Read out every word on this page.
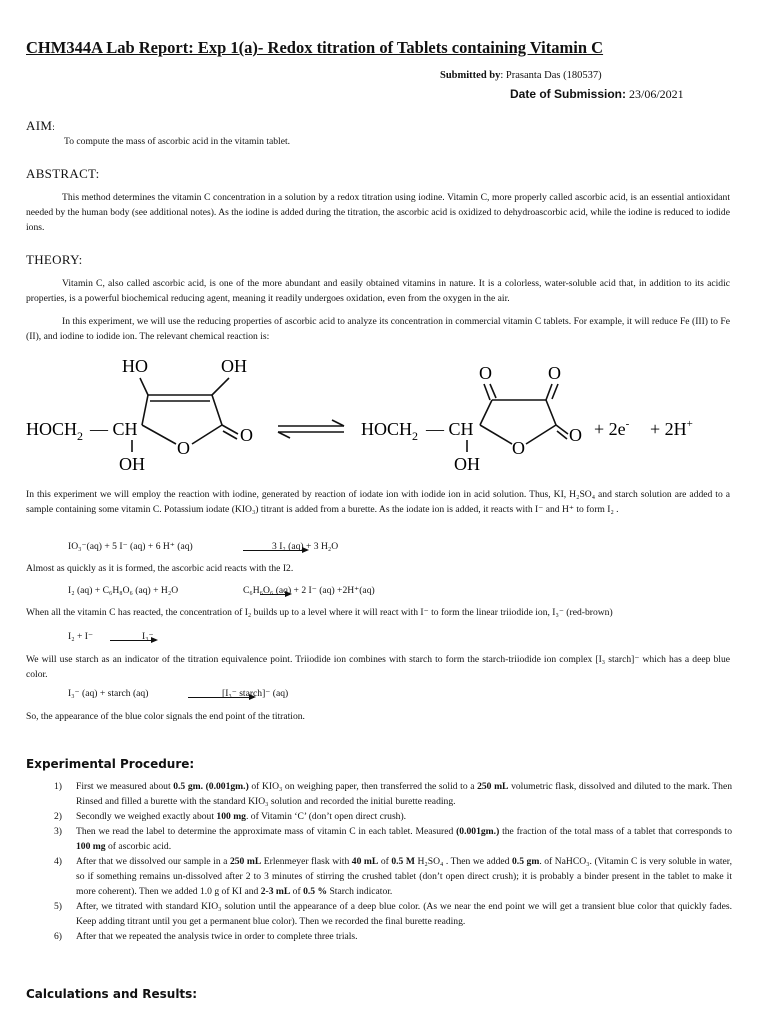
CHM344A Lab Report: Exp 1(a)- Redox titration of Tablets containing Vitamin C
Submitted by: Prasanta Das (180537)
Date of Submission: 23/06/2021
AIM:
To compute the mass of ascorbic acid in the vitamin tablet.
ABSTRACT:
This method determines the vitamin C concentration in a solution by a redox titration using iodine. Vitamin C, more properly called ascorbic acid, is an essential antioxidant needed by the human body (see additional notes). As the iodine is added during the titration, the ascorbic acid is oxidized to dehydroascorbic acid, while the iodine is reduced to iodide ions.
THEORY:
Vitamin C, also called ascorbic acid, is one of the more abundant and easily obtained vitamins in nature. It is a colorless, water-soluble acid that, in addition to its acidic properties, is a powerful biochemical reducing agent, meaning it readily undergoes oxidation, even from the oxygen in the air.
In this experiment, we will use the reducing properties of ascorbic acid to analyze its concentration in commercial vitamin C tablets. For example, it will reduce Fe (III) to Fe (II), and iodine to iodide ion. The relevant chemical reaction is:
HO	OH
$HOCH_2$ — CH
OH
O
O
O	O
$HOCH_2$ — CH
OH
O
O + 2e- + 2H+
In this experiment we will employ the reaction with iodine, generated by reaction of iodate ion with iodide ion in acid solution. Thus, KI, H₂SO₄ and starch solution are added to a sample containing some vitamin C. Potassium iodate (KIO₃) titrant is added from a burette. As the iodate ion is added, it reacts with I⁻ and H⁺ to form I₂ .
IO₃⁻(aq) + 5 I⁻ (aq) + 6 H⁺ (aq)	3 I₂ (aq) + 3 H₂O
Almost as quickly as it is formed, the ascorbic acid reacts with the I2.
I₂ (aq) + C₆H₈O₆ (aq) + H₂O	C₆H₆O₆ (aq) + 2 I⁻ (aq) +2H⁺(aq)
When all the vitamin C has reacted, the concentration of I₂ builds up to a level where it will react with I⁻ to form the linear triiodide ion, I₃⁻ (red-brown)
I₂ + I⁻	I₃⁻
We will use starch as an indicator of the titration equivalence point. Triiodide ion combines with starch to form the starch-triiodide ion complex [I₃ starch]⁻ which has a deep blue color.
I₃⁻ (aq) + starch (aq)	[I₃⁻ starch]⁻ (aq)
So, the appearance of the blue color signals the end point of the titration.
Experimental Procedure:
1) First we measured about 0.5 gm. (0.001gm.) of KIO₃ on weighing paper, then transferred the solid to a 250 mL volumetric flask, dissolved and diluted to the mark. Then Rinsed and filled a burette with the standard KIO₃ solution and recorded the initial burette reading.
2) Secondly we weighed exactly about 100 mg. of Vitamin ‘C’ (don’t open direct crush).
3) Then we read the label to determine the approximate mass of vitamin C in each tablet. Measured (0.001gm.) the fraction of the total mass of a tablet that corresponds to 100 mg of ascorbic acid.
4) After that we dissolved our sample in a 250 mL Erlenmeyer flask with 40 mL of 0.5 M H₂SO₄ . Then we added 0.5 gm. of NaHCO₃. (Vitamin C is very soluble in water, so if something remains un-dissolved after 2 to 3 minutes of stirring the crushed tablet (don’t open direct crush); it is probably a binder present in the tablet to make it more coherent). Then we added 1.0 g of KI and 2-3 mL of 0.5 % Starch indicator.
5) After, we titrated with standard KIO₃ solution until the appearance of a deep blue color. (As we near the end point we will get a transient blue color that quickly fades. Keep adding titrant until you get a permanent blue color). Then we recorded the final burette reading.
6) After that we repeated the analysis twice in order to complete three trials.
Calculations and Results:
